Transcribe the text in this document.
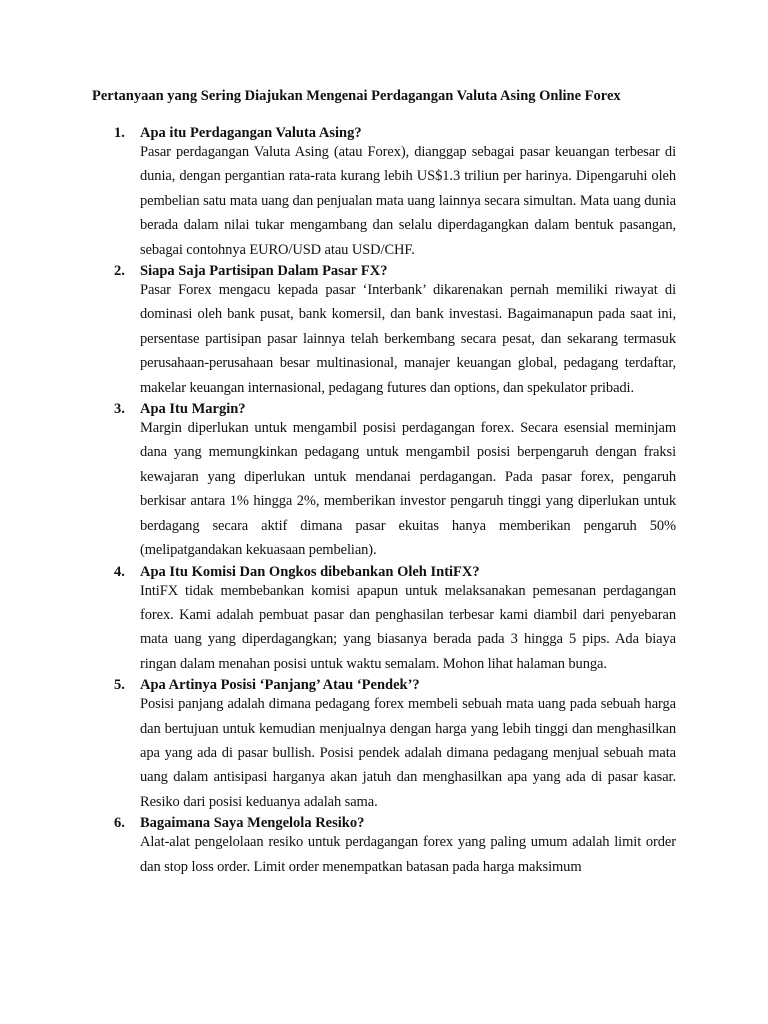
Pertanyaan yang Sering Diajukan Mengenai Perdagangan Valuta Asing Online Forex
1. Apa itu Perdagangan Valuta Asing?

Pasar perdagangan Valuta Asing (atau Forex), dianggap sebagai pasar keuangan terbesar di dunia, dengan pergantian rata-rata kurang lebih US$1.3 triliun per harinya. Dipengaruhi oleh pembelian satu mata uang dan penjualan mata uang lainnya secara simultan. Mata uang dunia berada dalam nilai tukar mengambang dan selalu diperdagangkan dalam bentuk pasangan, sebagai contohnya EURO/USD atau USD/CHF.

2. Siapa Saja Partisipan Dalam Pasar FX?

Pasar Forex mengacu kepada pasar ‘Interbank’ dikarenakan pernah memiliki riwayat di dominasi oleh bank pusat, bank komersil, dan bank investasi. Bagaimanapun pada saat ini, persentase partisipan pasar lainnya telah berkembang secara pesat, dan sekarang termasuk perusahaan-perusahaan besar multinasional, manajer keuangan global, pedagang terdaftar, makelar keuangan internasional, pedagang futures dan options, dan spekulator pribadi.

3. Apa Itu Margin?

Margin diperlukan untuk mengambil posisi perdagangan forex. Secara esensial meminjam dana yang memungkinkan pedagang untuk mengambil posisi berpengaruh dengan fraksi kewajaran yang diperlukan untuk mendanai perdagangan. Pada pasar forex, pengaruh berkisar antara 1% hingga 2%, memberikan investor pengaruh tinggi yang diperlukan untuk berdagang secara aktif dimana pasar ekuitas hanya memberikan pengaruh 50% (melipatgandakan kekuasaan pembelian).

4. Apa Itu Komisi Dan Ongkos dibebankan Oleh IntiFX?

IntiFX tidak membebankan komisi apapun untuk melaksanakan pemesanan perdagangan forex. Kami adalah pembuat pasar dan penghasilan terbesar kami diambil dari penyebaran mata uang yang diperdagangkan; yang biasanya berada pada 3 hingga 5 pips. Ada biaya ringan dalam menahan posisi untuk waktu semalam. Mohon lihat halaman bunga.

5. Apa Artinya Posisi ‘Panjang’ Atau ‘Pendek’?

Posisi panjang adalah dimana pedagang forex membeli sebuah mata uang pada sebuah harga dan bertujuan untuk kemudian menjualnya dengan harga yang lebih tinggi dan menghasilkan apa yang ada di pasar bullish. Posisi pendek adalah dimana pedagang menjual sebuah mata uang dalam antisipasi harganya akan jatuh dan menghasilkan apa yang ada di pasar kasar. Resiko dari posisi keduanya adalah sama.

6. Bagaimana Saya Mengelola Resiko?

Alat-alat pengelolaan resiko untuk perdagangan forex yang paling umum adalah limit order dan stop loss order. Limit order menempatkan batasan pada harga maksimum
